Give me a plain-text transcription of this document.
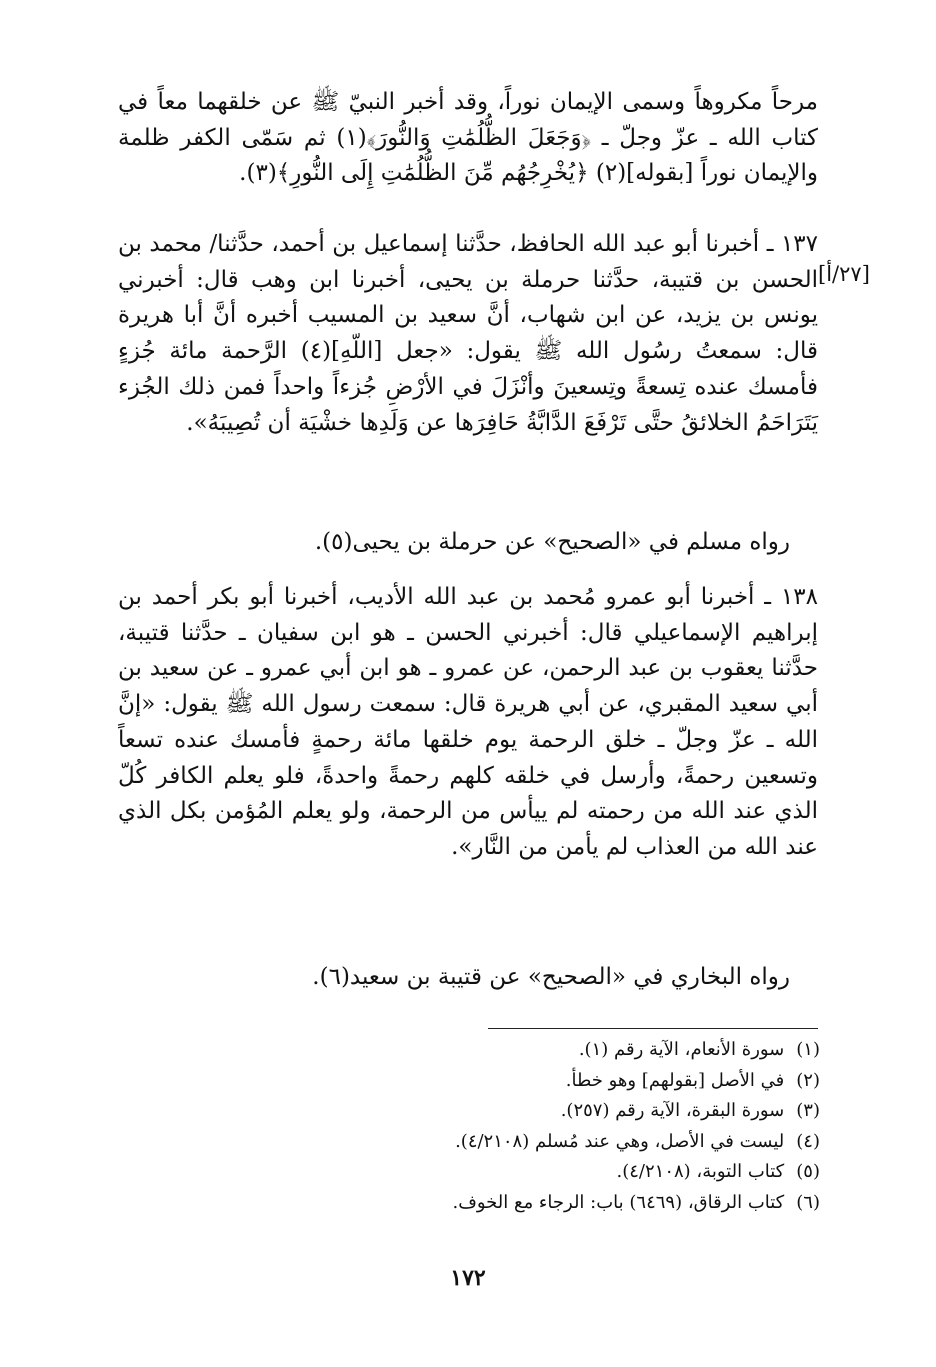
مرحاً مكروهاً وسمى الإيمان نوراً، وقد أخبر النبيّ ﷺ عن خلقهما معاً في كتاب الله ـ عزّ وجلّ ـ ﴿وَجَعَلَ الظُّلُمَٰتِ وَالنُّورَ﴾(١) ثم سَمّى الكفر ظلمة والإيمان نوراً [بقوله](٢) ﴿يُخْرِجُهُم مِّنَ الظُّلُمَٰتِ إِلَى النُّورِ﴾(٣).

١٣٧ ـ أخبرنا أبو عبد الله الحافظ، حدَّثنا إسماعيل بن أحمد، حدَّثنا/ محمد بن الحسن بن قتيبة، حدَّثنا حرملة بن يحيى، أخبرنا ابن وهب قال: أخبرني يونس بن يزيد، عن ابن شهاب، أنَّ سعيد بن المسيب أخبره أنَّ أبا هريرة قال: سمعتُ رسُول الله ﷺ يقول: «جعل [اللّهِ](٤) الرَّحمة مائة جُزءٍ فأمسك عنده تِسعةً وتِسعينَ وأنْزَلَ في الأرْضِ جُزءاً واحداً فمن ذلك الجُزء يَتَرَاحَمُ الخلائقُ حتَّى تَرْفَعَ الدَّابَّةُ حَافِرَها عن وَلَدِها خشْيَة أن تُصِيبَهُ».

[٢٧/أ]

رواه مسلم في «الصحيح» عن حرملة بن يحيى(٥).

١٣٨ ـ أخبرنا أبو عمرو مُحمد بن عبد الله الأديب، أخبرنا أبو بكر أحمد بن إبراهيم الإسماعيلي قال: أخبرني الحسن ـ هو ابن سفيان ـ حدَّثنا قتيبة، حدَّثنا يعقوب بن عبد الرحمن، عن عمرو ـ هو ابن أبي عمرو ـ عن سعيد بن أبي سعيد المقبري، عن أبي هريرة قال: سمعت رسول الله ﷺ يقول: «إنَّ الله ـ عزّ وجلّ ـ خلق الرحمة يوم خلقها مائة رحمةٍ فأمسك عنده تسعاً وتسعين رحمةً، وأرسل في خلقه كلهم رحمةً واحدةً، فلو يعلم الكافر كُلّ الذي عند الله من رحمته لم ييأس من الرحمة، ولو يعلم المُؤمن بكل الذي عند الله من العذاب لم يأمن من النَّار».

رواه البخاري في «الصحيح» عن قتيبة بن سعيد(٦).

(١)سورة الأنعام، الآية رقم (١).
(٢)في الأصل [بقولهم] وهو خطأ.
(٣)سورة البقرة، الآية رقم (٢٥٧).
(٤)ليست في الأصل، وهي عند مُسلم (٤/٢١٠٨).
(٥)كتاب التوبة، (٤/٢١٠٨).
(٦)كتاب الرقاق، (٦٤٦٩) باب: الرجاء مع الخوف.
١٧٢
